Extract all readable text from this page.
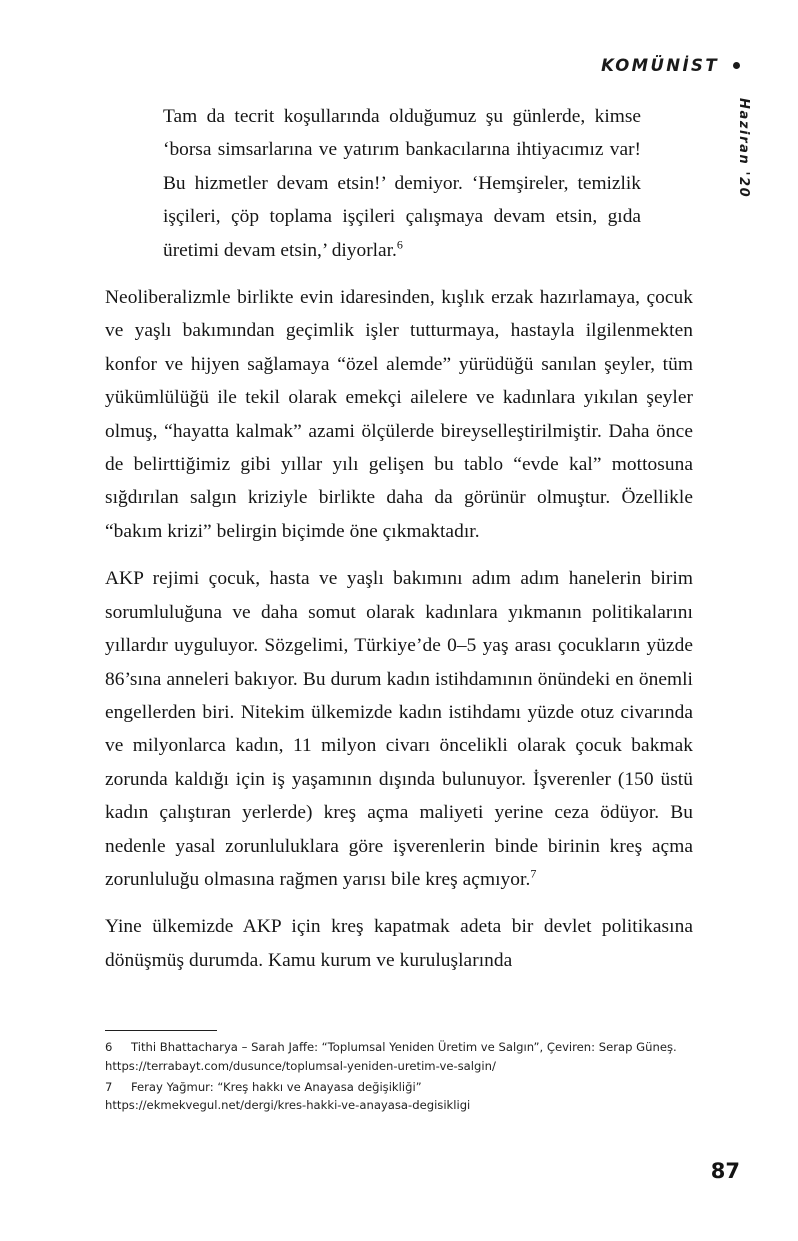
KOMÜNİST
Haziran '20

Tam da tecrit koşullarında olduğumuz şu günlerde, kimse ‘borsa simsarlarına ve yatırım bankacılarına ihtiyacımız var! Bu hizmetler devam etsin!’ demiyor. ‘Hemşireler, temizlik işçileri, çöp toplama işçileri çalışmaya devam etsin, gıda üretimi devam etsin,’ diyorlar.$^6$

Neoliberalizmle birlikte evin idaresinden, kışlık erzak hazırlamaya, çocuk ve yaşlı bakımından geçimlik işler tutturmaya, hastayla ilgilenmekten konfor ve hijyen sağlamaya “özel alemde” yürüdüğü sanılan şeyler, tüm yükümlülüğü ile tekil olarak emekçi ailelere ve kadınlara yıkılan şeyler olmuş, “hayatta kalmak” azami ölçülerde bireyselleştirilmiştir. Daha önce de belirttiğimiz gibi yıllar yılı gelişen bu tablo “evde kal” mottosuna sığdırılan salgın kriziyle birlikte daha da görünür olmuştur. Özellikle “bakım krizi” belirgin biçimde öne çıkmaktadır.

AKP rejimi çocuk, hasta ve yaşlı bakımını adım adım hanelerin birim sorumluluğuna ve daha somut olarak kadınlara yıkmanın politikalarını yıllardır uyguluyor. Sözgelimi, Türkiye’de 0–5 yaş arası çocukların yüzde 86’sına anneleri bakıyor. Bu durum kadın istihdamının önündeki en önemli engellerden biri. Nitekim ülkemizde kadın istihdamı yüzde otuz civarında ve milyonlarca kadın, 11 milyon civarı öncelikli olarak çocuk bakmak zorunda kaldığı için iş yaşamının dışında bulunuyor. İşverenler (150 üstü kadın çalıştıran yerlerde) kreş açma maliyeti yerine ceza ödüyor. Bu nedenle yasal zorunluluklara göre işverenlerin binde birinin kreş açma zorunluluğu olmasına rağmen yarısı bile kreş açmıyor.$^7$

Yine ülkemizde AKP için kreş kapatmak adeta bir devlet politikasına dönüşmüş durumda. Kamu kurum ve kuruluşlarında

6 Tithi Bhattacharya – Sarah Jaffe: “Toplumsal Yeniden Üretim ve Salgın”, Çeviren: Serap Güneş.
https://terrabayt.com/dusunce/toplumsal-yeniden-uretim-ve-salgin/
7 Feray Yağmur: “Kreş hakkı ve Anayasa değişikliği”
https://ekmekvegul.net/dergi/kres-hakki-ve-anayasa-degisikligi
87
